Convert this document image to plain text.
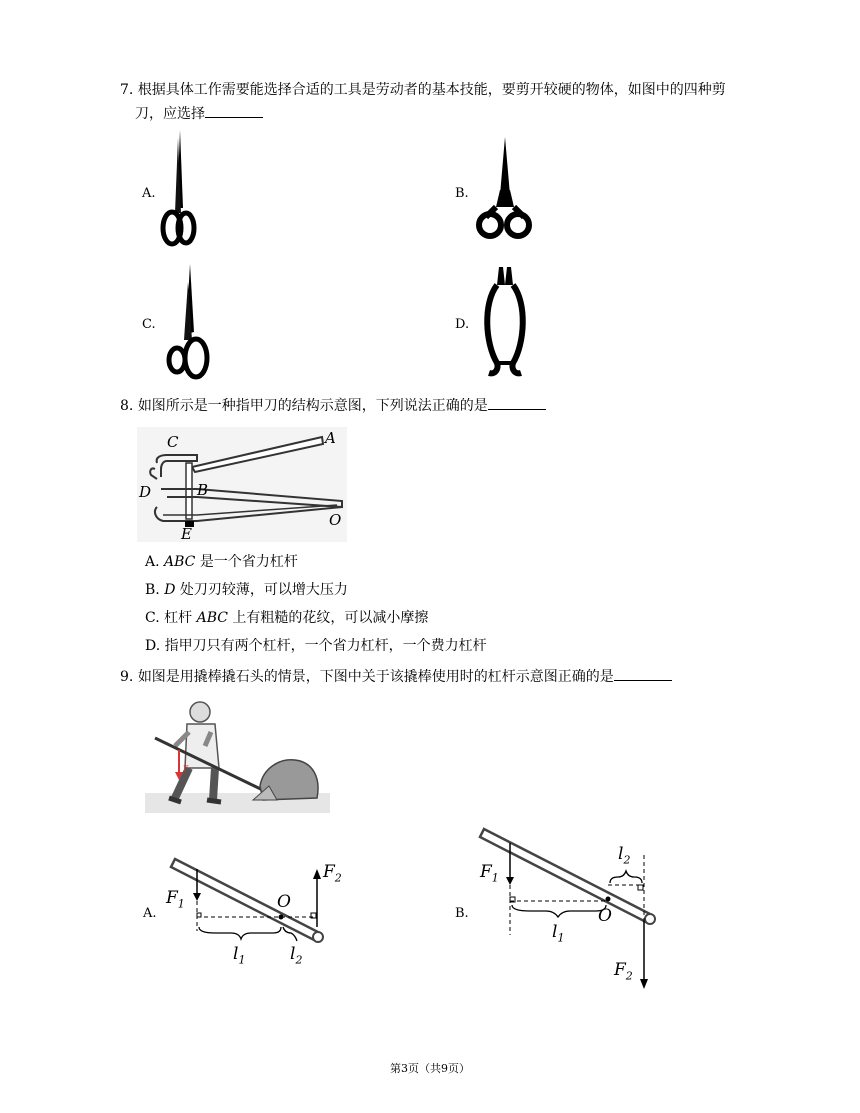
7. 根据具体工作需要能选择合适的工具是劳动者的基本技能，要剪开较硬的物体，如图中的四种剪
刀，应选择
A.	B.
C.	D.
8. 如图所示是一种指甲刀的结构示意图，下列说法正确的是
C	A
D	B
O
E
A. ABC 是一个省力杠杆
B. D 处刀刃较薄，可以增大压力
C. 杠杆 ABC 上有粗糙的花纹，可以减小摩擦
D. 指甲刀只有两个杠杆，一个省力杠杆，一个费力杠杆
9. 如图是用撬棒撬石头的情景，下图中关于该撬棒使用时的杠杆示意图正确的是
F
A.	B.
$F_1$
$F_2$
O
$l_1$	$l_2$
$F_1$
$F_2$
O
$l_1$
$l_2$
第3页（共9页）
